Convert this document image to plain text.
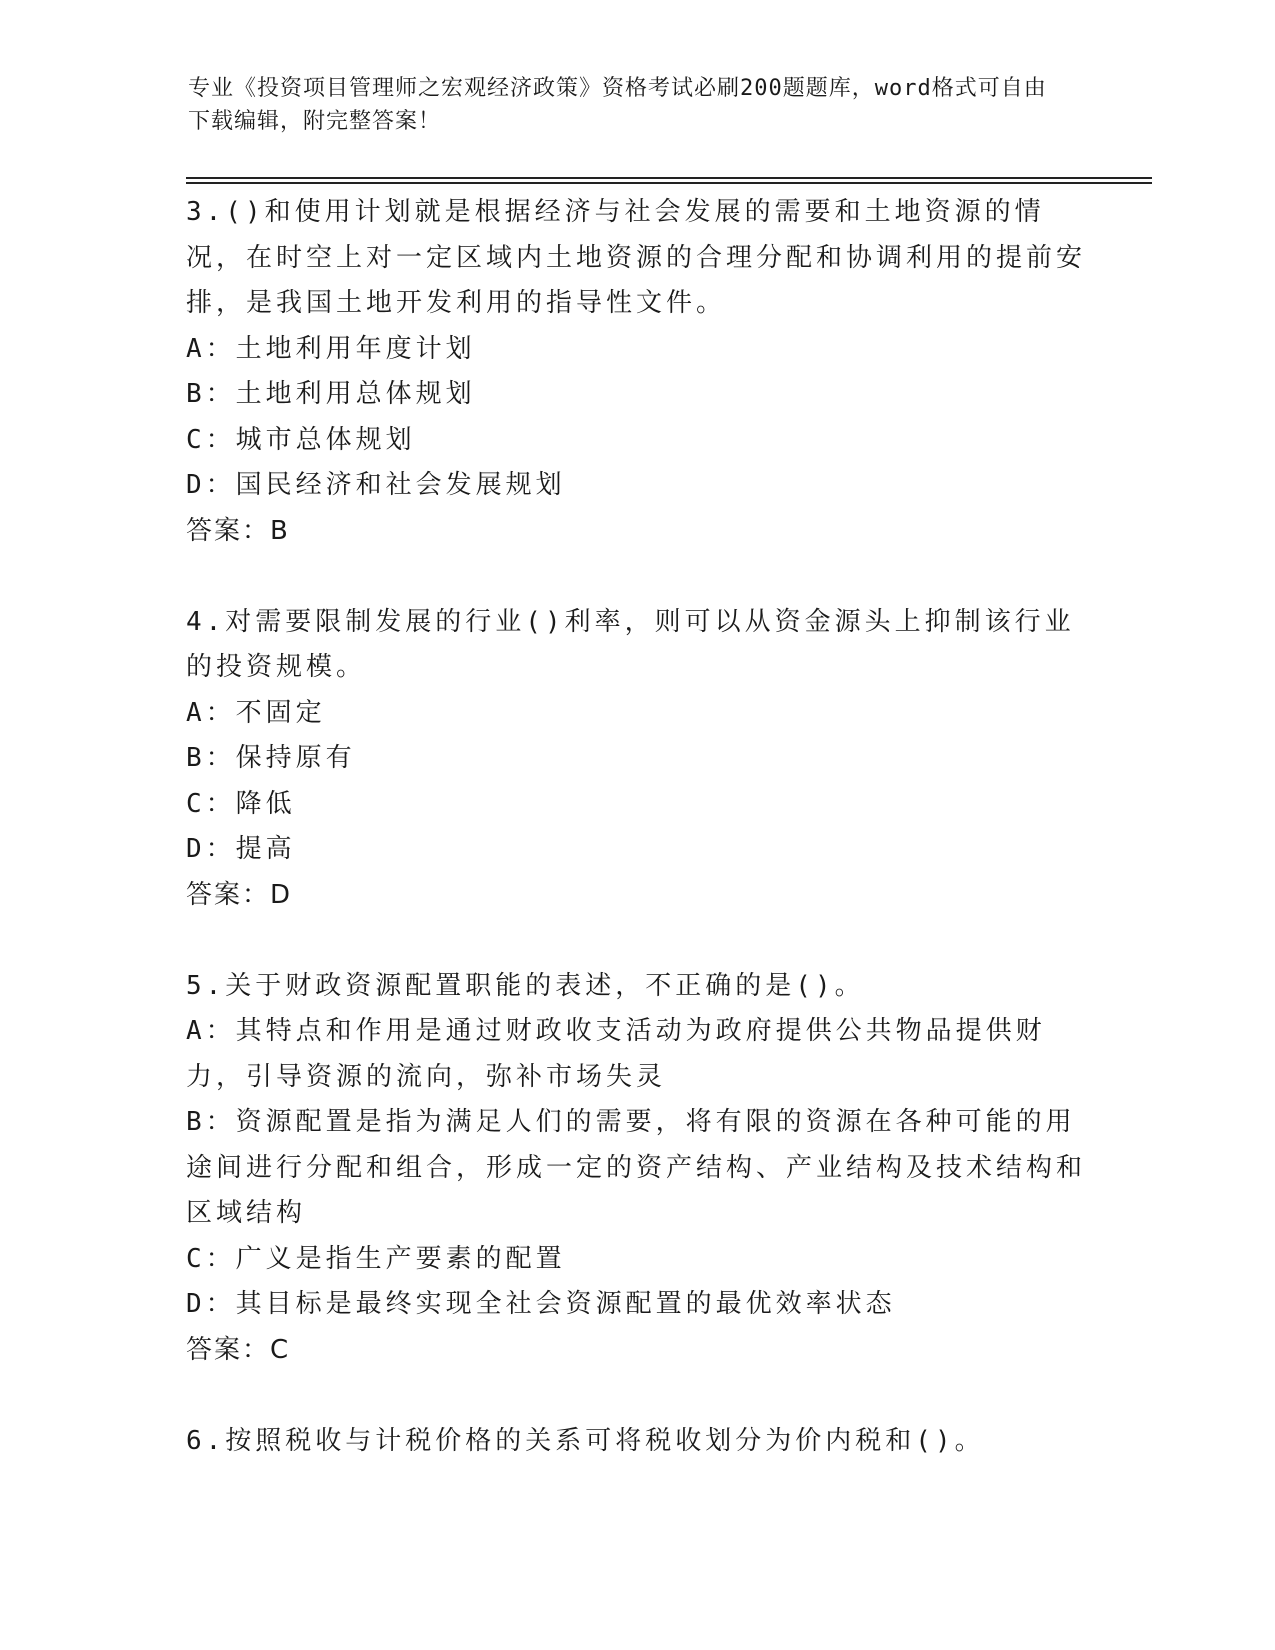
专业《投资项目管理师之宏观经济政策》资格考试必刷200题题库，word格式可自由下载编辑，附完整答案！
3.()和使用计划就是根据经济与社会发展的需要和土地资源的情况，在时空上对一定区域内土地资源的合理分配和协调利用的提前安排，是我国土地开发利用的指导性文件。
A：土地利用年度计划
B：土地利用总体规划
C：城市总体规划
D：国民经济和社会发展规划
答案：B
4.对需要限制发展的行业()利率，则可以从资金源头上抑制该行业的投资规模。
A：不固定
B：保持原有
C：降低
D：提高
答案：D
5.关于财政资源配置职能的表述，不正确的是()。
A：其特点和作用是通过财政收支活动为政府提供公共物品提供财力，引导资源的流向，弥补市场失灵
B：资源配置是指为满足人们的需要，将有限的资源在各种可能的用途间进行分配和组合，形成一定的资产结构、产业结构及技术结构和区域结构
C：广义是指生产要素的配置
D：其目标是最终实现全社会资源配置的最优效率状态
答案：C
6.按照税收与计税价格的关系可将税收划分为价内税和()。
